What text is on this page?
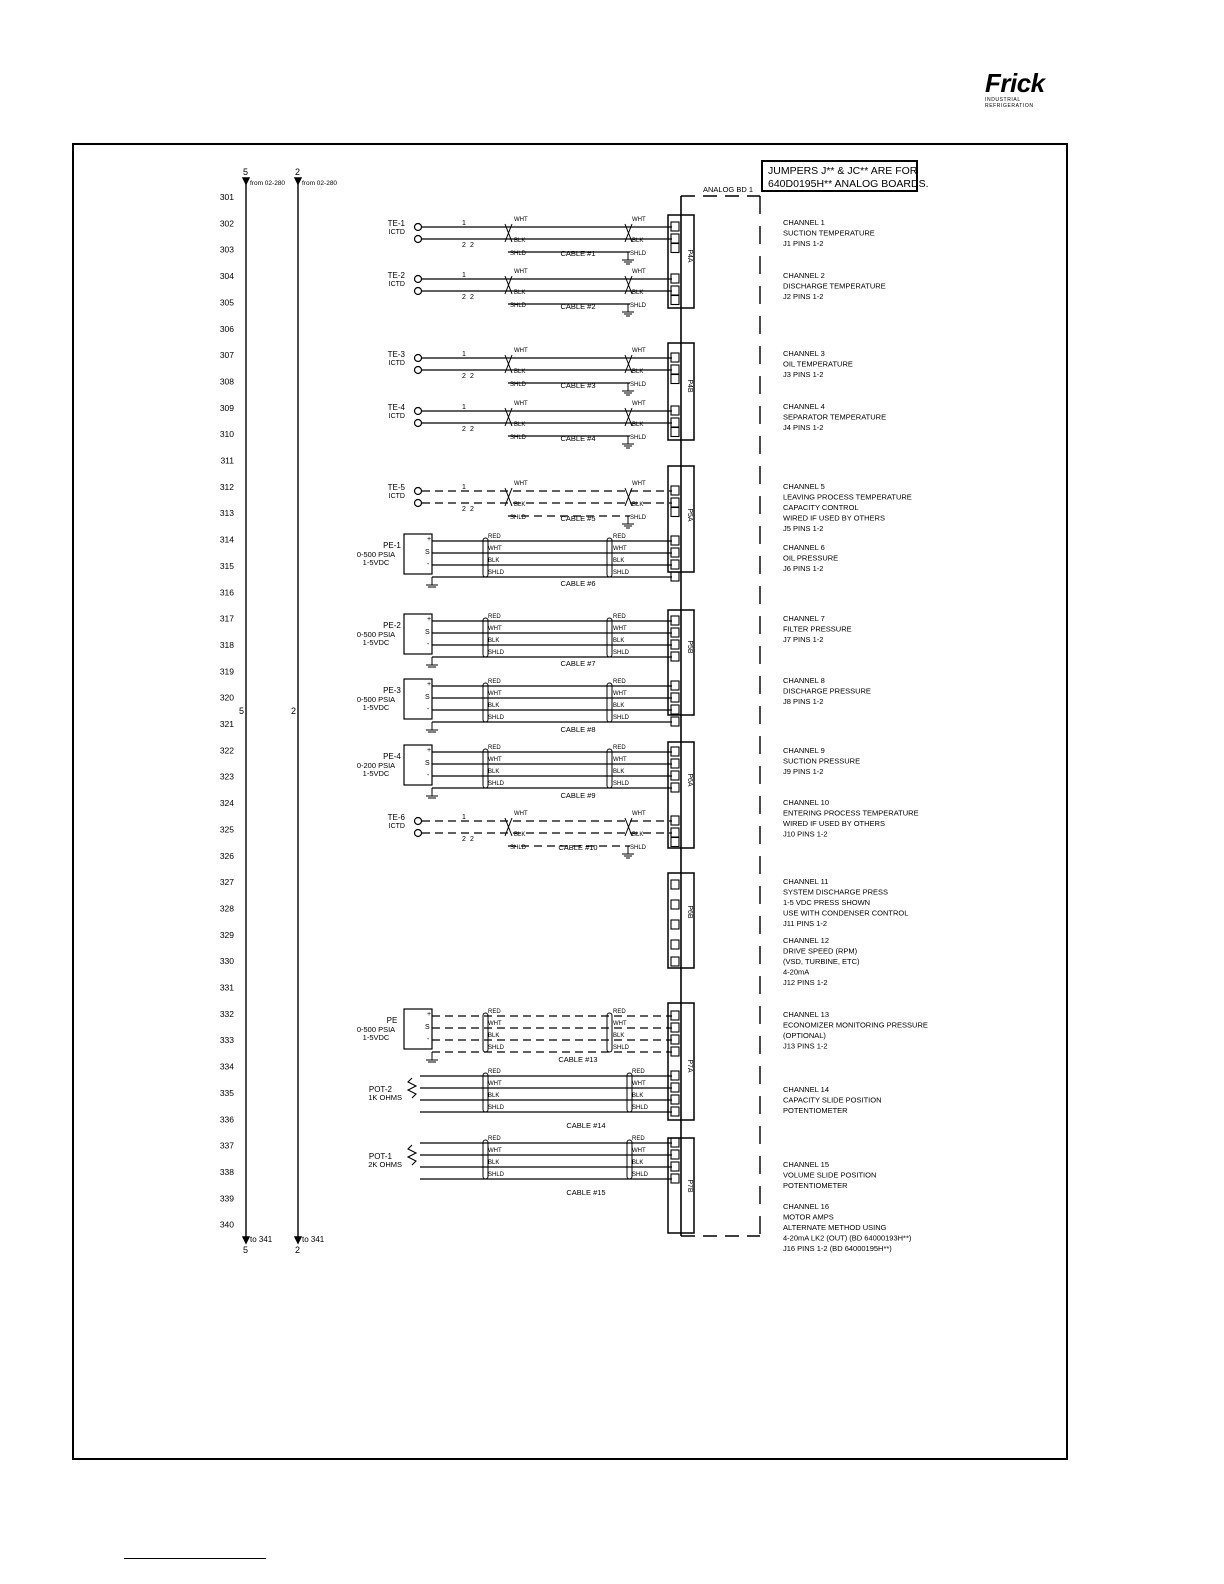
Frick
INDUSTRIAL REFRIGERATION
JUMPERS J** & JC** ARE FOR
640D0195H** ANALOG BOARDS.
ANALOG BD 1
5
from 02-280
5
to 341
5
2
from 02-280
2
to 341
2
301
302
303
304
305
306
307
308
309
310
311
312
313
314
315
316
317
318
319
320
321
322
323
324
325
326
327
328
329
330
331
332
333
334
335
336
337
338
339
340
P4A
P4B
P5A
P5B
P6A
P6B
P7A
P7B
TE-1
ICTD
1
2 2
WHT
BLK
SHLD
WHT
BLK
SHLD
CABLE #1
TE-2
ICTD
1
2 2
WHT
BLK
SHLD
WHT
BLK
SHLD
CABLE #2
TE-3
ICTD
1
2 2
WHT
BLK
SHLD
WHT
BLK
SHLD
CABLE #3
TE-4
ICTD
1
2 2
WHT
BLK
SHLD
WHT
BLK
SHLD
CABLE #4
TE-5
ICTD
1
2 2
WHT
BLK
SHLD
WHT
BLK
SHLD
CABLE #5
PE-1
0-500 PSIA
1-5VDC
+
S
-
RED	RED
WHT	WHT
BLK	BLK
SHLD	SHLD
CABLE #6
PE-2
0-500 PSIA
1-5VDC
+
S
-
RED	RED
WHT	WHT
BLK	BLK
SHLD	SHLD
CABLE #7
PE-3
0-500 PSIA
1-5VDC
+
S
-
RED	RED
WHT	WHT
BLK	BLK
SHLD	SHLD
CABLE #8
PE-4
0-200 PSIA
1-5VDC
+
S
-
RED	RED
WHT	WHT
BLK	BLK
SHLD	SHLD
CABLE #9
TE-6
ICTD
1
2 2
WHT
BLK
SHLD
WHT
BLK
SHLD
CABLE #10
PE
0-500 PSIA
1-5VDC
+
S
-
RED	RED
WHT	WHT
BLK	BLK
SHLD	SHLD
CABLE #13
POT-2
1K OHMS
RED	RED
WHT	WHT
BLK	BLK
SHLD	SHLD
CABLE #14
POT-1
2K OHMS
RED	RED
WHT	WHT
BLK	BLK
SHLD	SHLD
CABLE #15
CHANNEL 1
SUCTION TEMPERATURE
J1 PINS 1-2
CHANNEL 2
DISCHARGE TEMPERATURE
J2 PINS 1-2
CHANNEL 3
OIL TEMPERATURE
J3 PINS 1-2
CHANNEL 4
SEPARATOR TEMPERATURE
J4 PINS 1-2
CHANNEL 5
LEAVING PROCESS TEMPERATURE
CAPACITY CONTROL
WIRED IF USED BY OTHERS
J5 PINS 1-2
CHANNEL 6
OIL PRESSURE
J6 PINS 1-2
CHANNEL 7
FILTER PRESSURE
J7 PINS 1-2
CHANNEL 8
DISCHARGE PRESSURE
J8 PINS 1-2
CHANNEL 9
SUCTION PRESSURE
J9 PINS 1-2
CHANNEL 10
ENTERING PROCESS TEMPERATURE
WIRED IF USED BY OTHERS
J10 PINS 1-2
CHANNEL 11
SYSTEM DISCHARGE PRESS
1-5 VDC PRESS SHOWN
USE WITH CONDENSER CONTROL
J11 PINS 1-2
CHANNEL 12
DRIVE SPEED (RPM)
(VSD, TURBINE, ETC)
4-20mA
J12 PINS 1-2
CHANNEL 13
ECONOMIZER MONITORING PRESSURE
(OPTIONAL)
J13 PINS 1-2
CHANNEL 14
CAPACITY SLIDE POSITION
POTENTIOMETER
CHANNEL 15
VOLUME SLIDE POSITION
POTENTIOMETER
CHANNEL 16
MOTOR AMPS
ALTERNATE METHOD USING
4-20mA LK2 (OUT) (BD 64000193H**)
J16 PINS 1-2 (BD 64000195H**)
